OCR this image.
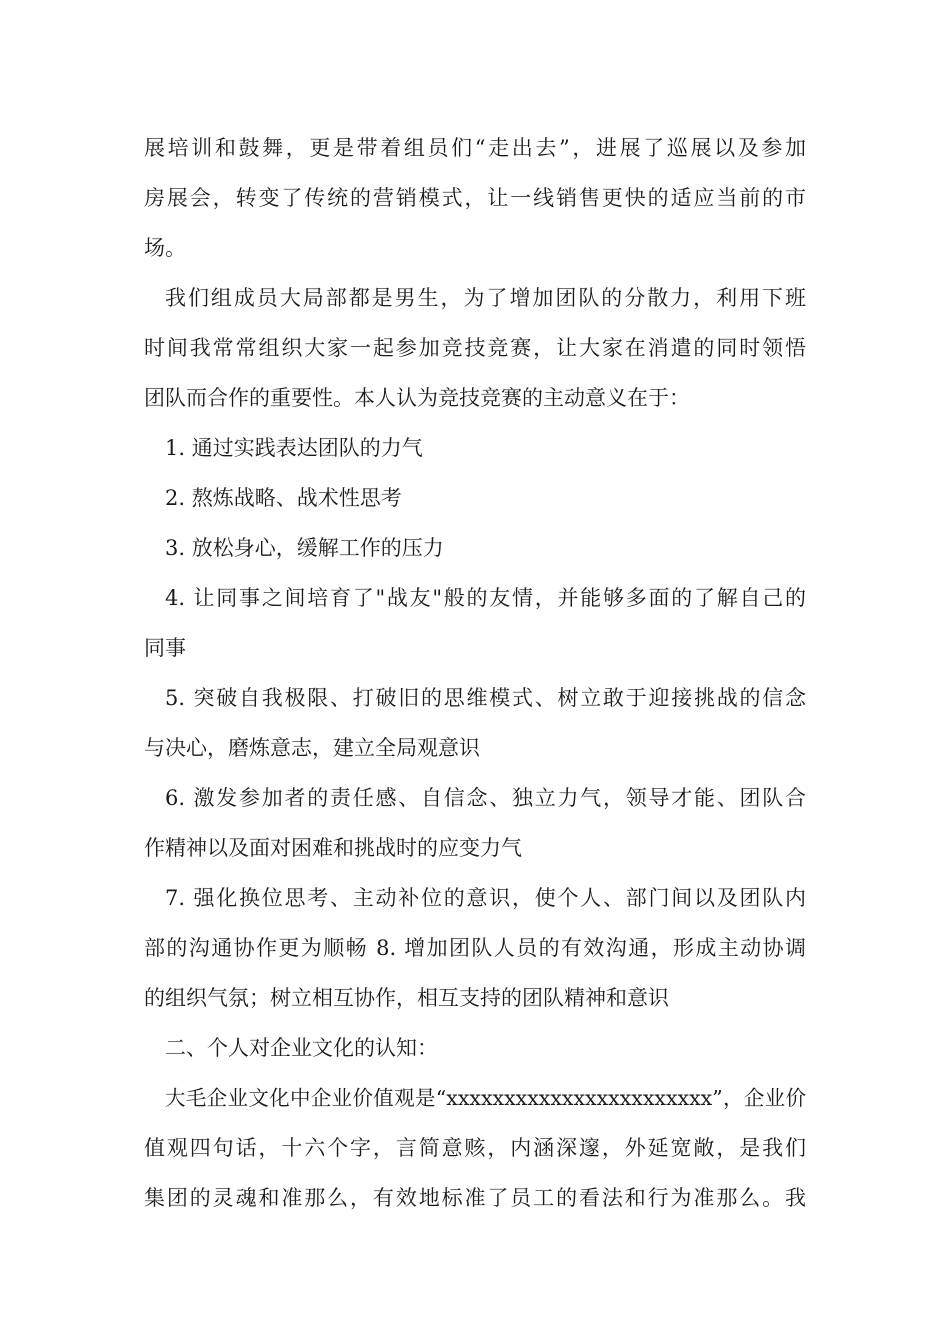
展培训和鼓舞，更是带着组员们“走出去”，进展了巡展以及参加
房展会，转变了传统的营销模式，让一线销售更快的适应当前的市
场。
我们组成员大局部都是男生，为了增加团队的分散力，利用下班
时间我常常组织大家一起参加竞技竞赛，让大家在消遣的同时领悟
团队而合作的重要性。本人认为竞技竞赛的主动意义在于：
1. 通过实践表达团队的力气
2. 熬炼战略、战术性思考
3. 放松身心，缓解工作的压力
4. 让同事之间培育了"战友"般的友情，并能够多面的了解自己的
同事
5. 突破自我极限、打破旧的思维模式、树立敢于迎接挑战的信念
与决心，磨炼意志，建立全局观意识
6. 激发参加者的责任感、自信念、独立力气，领导才能、团队合
作精神以及面对困难和挑战时的应变力气
7. 强化换位思考、主动补位的意识，使个人、部门间以及团队内
部的沟通协作更为顺畅 8. 增加团队人员的有效沟通，形成主动协调
的组织气氛；树立相互协作，相互支持的团队精神和意识
二、个人对企业文化的认知：
大毛企业文化中企业价值观是“xxxxxxxxxxxxxxxxxxxxxxx”，企业价
值观四句话，十六个字，言简意赅，内涵深邃，外延宽敞，是我们
集团的灵魂和准那么，有效地标准了员工的看法和行为准那么。我
